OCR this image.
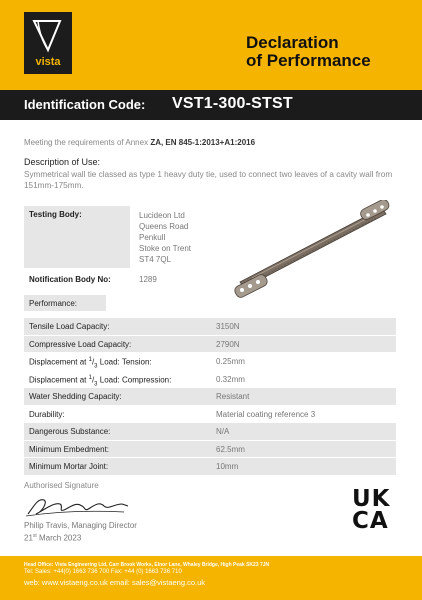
vista
Declaration
of Performance
Identification Code: VST1-300-STST
Meeting the requirements of Annex ZA, EN 845-1:2013+A1:2016
Description of Use:
Symmetrical wall tie classed as type 1 heavy duty tie, used to connect two leaves of a cavity wall from 151mm-175mm.
Testing Body:	Lucideon Ltd
Queens Road
Penkull
Stoke on Trent
ST4 7QL
Notification Body No:	1289
Performance:
Tensile Load Capacity:	3150N
Compressive Load Capacity:	2790N
Displacement at $^1/_3$ Load: Tension:	0.25mm
Displacement at $^1/_3$ Load: Compression:	0.32mm
Water Shedding Capacity:	Resistant
Durability:	Material coating reference 3
Dangerous Substance:	N/A
Minimum Embedment:	62.5mm
Minimum Mortar Joint:	10mm
Authorised Signature
Philip Travis, Managing Director
21st March 2023
UK
CA
Head Office: Vista Engineering Ltd, Carr Brook Works, Elnor Lane, Whaley Bridge, High Peak SK23 7JN
Tel: Sales: +44(0) 1663 736 700 Fax: +44 (0) 1663 736 710
web: www.vistaeng.co.uk email: sales@vistaeng.co.uk
